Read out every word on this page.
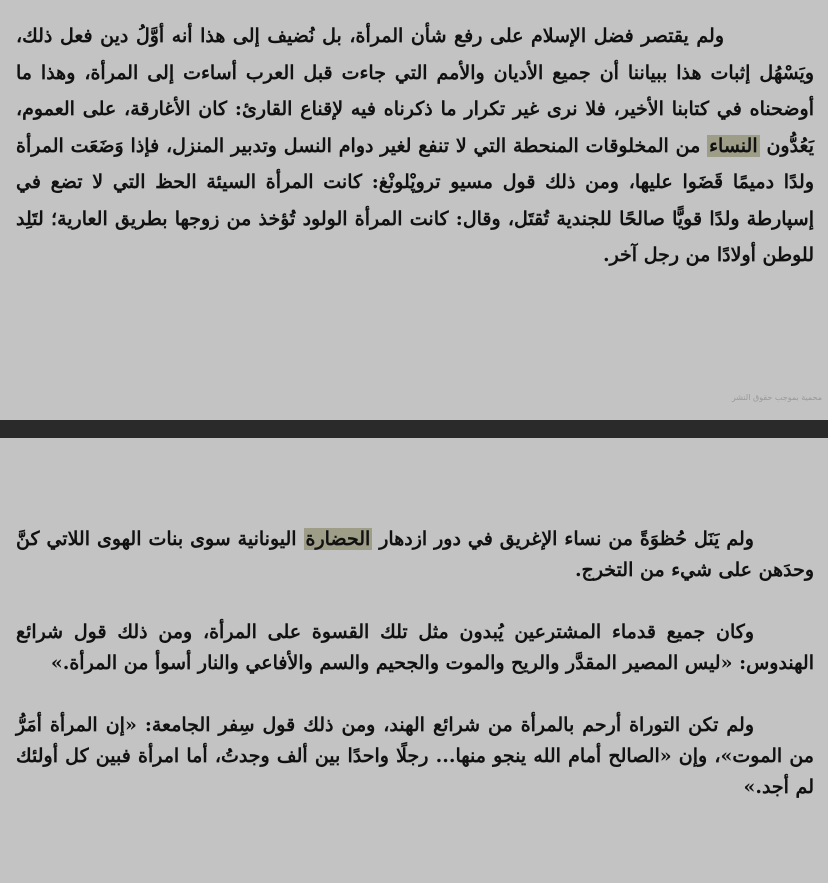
ولم يقتصر فضل الإسلام على رفع شأن المرأة، بل نُضيف إلى هذا أنه أوَّلُ دين فعل ذلك، ويَسْهُل إثبات هذا ببياننا أن جميع الأديان والأمم التي جاءت قبل العرب أساءت إلى المرأة، وهذا ما أوضحناه في كتابنا الأخير، فلا نرى غير تكرار ما ذكرناه فيه لإقناع القارئ: كان الأغارقة، على العموم، يَعُدُّون النساء من المخلوقات المنحطة التي لا تنفع لغير دوام النسل وتدبير المنزل، فإذا وَضَعَت المرأة ولدًا دميمًا قَضَوا عليها، ومن ذلك قول مسيو تروپْلونْغ: كانت المرأة السيئة الحظ التي لا تضع في إسپارطة ولدًا قويًّا صالحًا للجندية تُقتَل، وقال: كانت المرأة الولود تُؤخذ من زوجها بطريق العارية؛ لتَلِد للوطن أولادًا من رجل آخر.

محمية بموجب حقوق النشر

ولم يَنَل حُظوَةً من نساء الإغريق في دور ازدهار الحضارة اليونانية سوى بنات الهوى اللاتي كنَّ وحدَهن على شيء من التخرج.

وكان جميع قدماء المشترعين يُبدون مثل تلك القسوة على المرأة، ومن ذلك قول شرائع الهندوس: «ليس المصير المقدَّر والريح والموت والجحيم والسم والأفاعي والنار أسوأ من المرأة.»

ولم تكن التوراة أرحم بالمرأة من شرائع الهند، ومن ذلك قول سِفر الجامعة: «إن المرأة أمَرُّ من الموت»، وإن «الصالح أمام الله ينجو منها... رجلًا واحدًا بين ألف وجدتُ، أما امرأة فبين كل أولئك لم أجد.»
